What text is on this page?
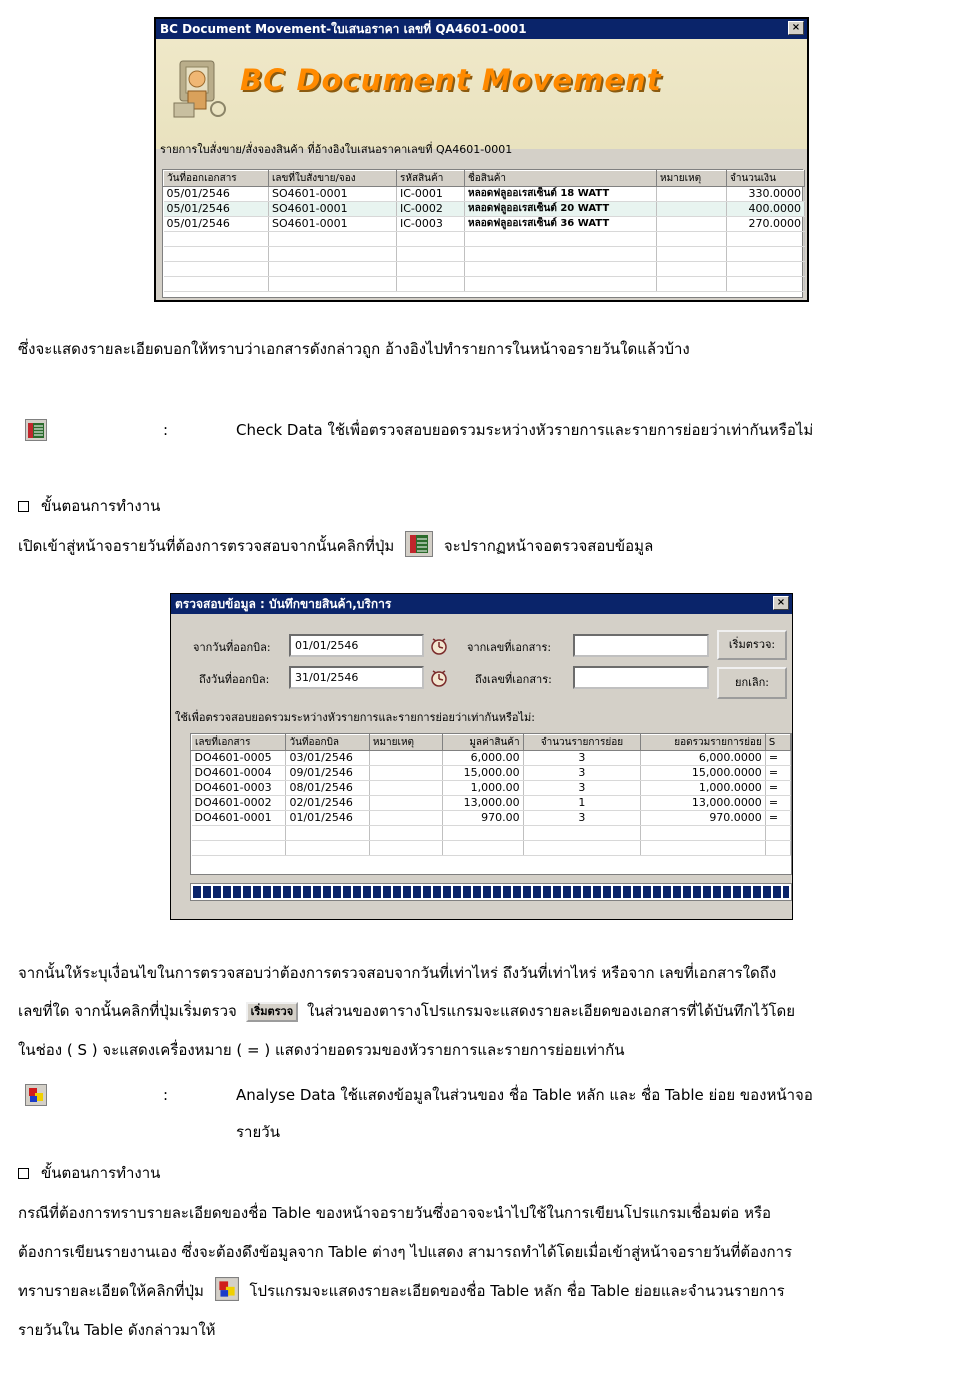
BC Document Movement-ใบเสนอราคา เลขที่ QA4601-0001	×
BC Document Movement
รายการใบสั่งขาย/สั่งจองสินค้า ที่อ้างอิงใบเสนอราคาเลขที่ QA4601-0001
วันที่ออกเอกสาร	เลขที่ใบสั่งขาย/จอง	รหัสสินค้า	ชื่อสินค้า	หมายเหตุ	จำนวนเงิน
05/01/2546	SO4601-0001	IC-0001	หลอดฟลูออเรสเซ็นต์ 18 WATT		330.0000
05/01/2546	SO4601-0001	IC-0002	หลอดฟลูออเรสเซ็นต์ 20 WATT		400.0000
05/01/2546	SO4601-0001	IC-0003	หลอดฟลูออเรสเซ็นต์ 36 WATT		270.0000

ซึ่งจะแสดงรายละเอียดบอกให้ทราบว่าเอกสารดังกล่าวถูก อ้างอิงไปทำรายการในหน้าจอรายวันใดแล้วบ้าง
:	Check Data ใช้เพื่อตรวจสอบยอดรวมระหว่างหัวรายการและรายการย่อยว่าเท่ากันหรือไม่
ขั้นตอนการทำงาน
เปิดเข้าสู่หน้าจอรายวันที่ต้องการตรวจสอบจากนั้นคลิกที่ปุ่ม	จะปรากฏหน้าจอตรวจสอบข้อมูล
ตรวจสอบข้อมูล : บันทึกขายสินค้า,บริการ	×
จากวันที่ออกบิล:	01/01/2546
ถึงวันที่ออกบิล:	31/01/2546
จากเลขที่เอกสาร:
ถึงเลขที่เอกสาร:
เริ่มตรวจ:
ยกเลิก:
ใช้เพื่อตรวจสอบยอดรวมระหว่างหัวรายการและรายการย่อยว่าเท่ากันหรือไม่:
เลขที่เอกสาร	วันที่ออกบิล	หมายเหตุ	มูลค่าสินค้า	จำนวนรายการย่อย	ยอดรวมรายการย่อย	S
DO4601-0005	03/01/2546		6,000.00	3	6,000.0000	=
DO4601-0004	09/01/2546		15,000.00	3	15,000.0000	=
DO4601-0003	08/01/2546		1,000.00	3	1,000.0000	=
DO4601-0002	02/01/2546		13,000.00	1	13,000.0000	=
DO4601-0001	01/01/2546		970.00	3	970.0000	=

จากนั้นให้ระบุเงื่อนไขในการตรวจสอบว่าต้องการตรวจสอบจากวันที่เท่าไหร่ ถึงวันที่เท่าไหร่ หรือจาก เลขที่เอกสารใดถึง
เลขที่ใด จากนั้นคลิกที่ปุ่มเริ่มตรวจ เริ่มตรวจ ในส่วนของตารางโปรแกรมจะแสดงรายละเอียดของเอกสารที่ได้บันทึกไว้โดย
ในช่อง ( S ) จะแสดงเครื่องหมาย ( = ) แสดงว่ายอดรวมของหัวรายการและรายการย่อยเท่ากัน
:	Analyse Data ใช้แสดงข้อมูลในส่วนของ ชื่อ Table หลัก และ ชื่อ Table ย่อย ของหน้าจอ
รายวัน
ขั้นตอนการทำงาน
กรณีที่ต้องการทราบรายละเอียดของชื่อ Table ของหน้าจอรายวันซึ่งอาจจะนำไปใช้ในการเขียนโปรแกรมเชื่อมต่อ หรือ
ต้องการเขียนรายงานเอง ซึ่งจะต้องดึงข้อมูลจาก Table ต่างๆ ไปแสดง สามารถทำได้โดยเมื่อเข้าสู่หน้าจอรายวันที่ต้องการ
ทราบรายละเอียดให้คลิกที่ปุ่ม	โปรแกรมจะแสดงรายละเอียดของชื่อ Table หลัก ชื่อ Table ย่อยและจำนวนรายการ
รายวันใน Table ดังกล่าวมาให้
